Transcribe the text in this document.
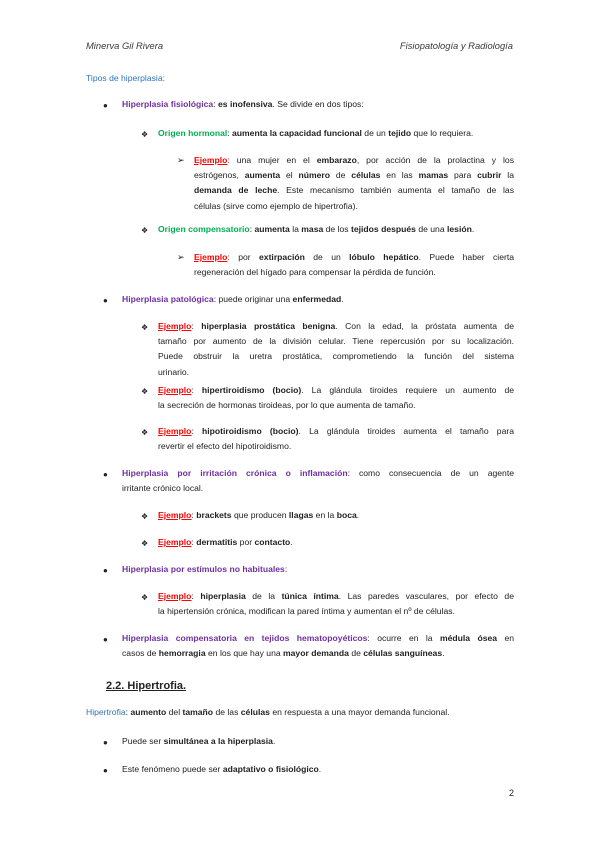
Minerva Gil Rivera	Fisiopatología y Radiología
Tipos de hiperplasia:
● Hiperplasia fisiológica: es inofensiva. Se divide en dos tipos:
❖ Origen hormonal: aumenta la capacidad funcional de un tejido que lo requiera.
➢ Ejemplo: una mujer en el embarazo, por acción de la prolactina y los
estrógenos, aumenta el número de células en las mamas para cubrir la
demanda de leche. Este mecanismo también aumenta el tamaño de las
células (sirve como ejemplo de hipertrofia).
❖ Origen compensatorio: aumenta la masa de los tejidos después de una lesión.
➢ Ejemplo: por extirpación de un lóbulo hepático. Puede haber cierta
regeneración del hígado para compensar la pérdida de función.
● Hiperplasia patológica: puede originar una enfermedad.
❖ Ejemplo: hiperplasia prostática benigna. Con la edad, la próstata aumenta de
tamaño por aumento de la división celular. Tiene repercusión por su localización.
Puede obstruir la uretra prostática, comprometiendo la función del sistema
urinario.
❖ Ejemplo: hipertiroidismo (bocio). La glándula tiroides requiere un aumento de
la secreción de hormonas tiroideas, por lo que aumenta de tamaño.
❖ Ejemplo: hipotiroidismo (bocio). La glándula tiroides aumenta el tamaño para
revertir el efecto del hipotiroidismo.
● Hiperplasia por irritación crónica o inflamación: como consecuencia de un agente
irritante crónico local.
❖ Ejemplo: brackets que producen llagas en la boca.
❖ Ejemplo: dermatitis por contacto.
● Hiperplasia por estímulos no habituales:
❖ Ejemplo: hiperplasia de la túnica íntima. Las paredes vasculares, por efecto de
la hipertensión crónica, modifican la pared íntima y aumentan el nº de células.
● Hiperplasia compensatoria en tejidos hematopoyéticos: ocurre en la médula ósea en
casos de hemorragia en los que hay una mayor demanda de células sanguíneas.
2.2. Hipertrofia.
Hipertrofia: aumento del tamaño de las células en respuesta a una mayor demanda funcional.
● Puede ser simultánea a la hiperplasia.
● Este fenómeno puede ser adaptativo o fisiológico.
2
